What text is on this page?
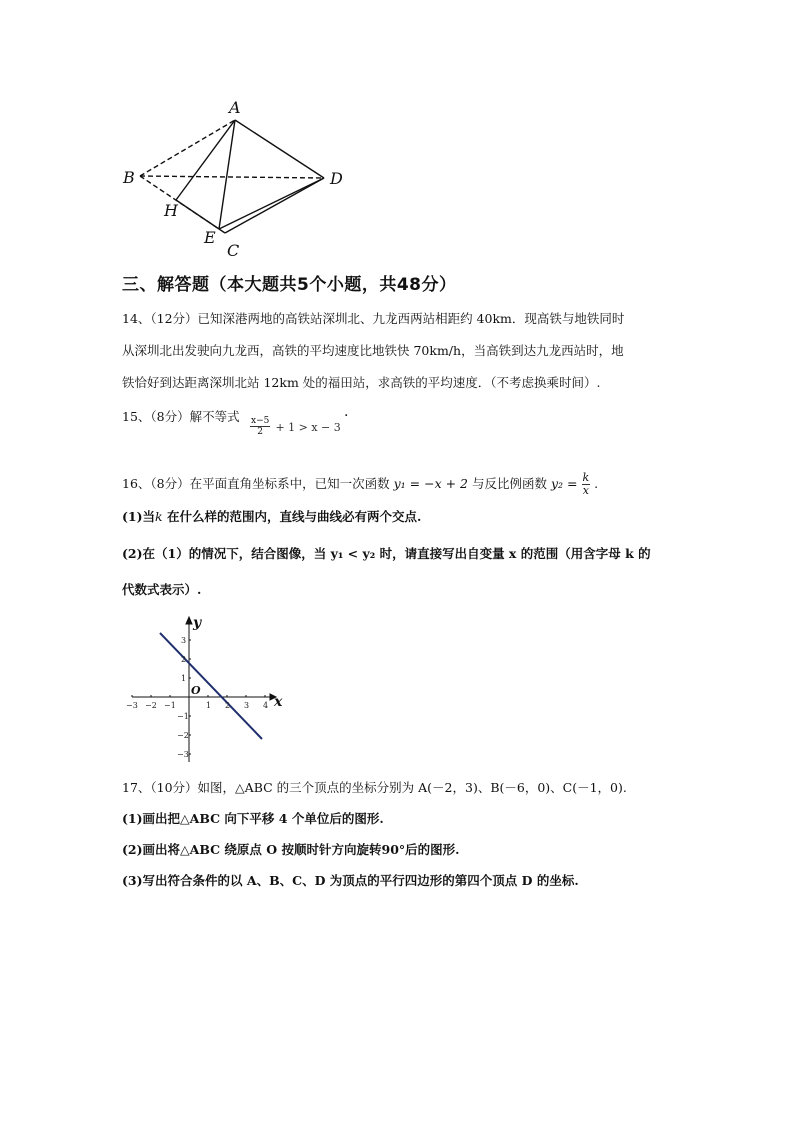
A
B	D
H
E
C
三、解答题（本大题共5个小题，共48分）
14、（12分）已知深港两地的高铁站深圳北、九龙西两站相距约 40km．现高铁与地铁同时
从深圳北出发驶向九龙西，高铁的平均速度比地铁快 70km/h，当高铁到达九龙西站时，地
铁恰好到达距离深圳北站 12km 处的福田站，求高铁的平均速度．（不考虑换乘时间）.
15、（8分）解不等式 $\frac{x-5}{2} + 1 > x - 3$
.
16、（8分）在平面直角坐标系中，已知一次函数 y₁ = −x + 2 与反比例函数 $y_2 = \frac{k}{x}$ .
(1)当k 在什么样的范围内，直线与曲线必有两个交点.
(2)在（1）的情况下，结合图像，当 y₁ < y₂ 时，请直接写出自变量 x 的范围（用含字母 k 的
代数式表示）.
−3 −2 −1	1 2 3 4
3
2
1
−1
−2
−3
x
y
O
17、（10分）如图，△ABC 的三个顶点的坐标分别为 A(－2，3)、B(－6，0)、C(－1，0).
(1)画出把△ABC 向下平移 4 个单位后的图形.
(2)画出将△ABC 绕原点 O 按顺时针方向旋转90°后的图形.
(3)写出符合条件的以 A、B、C、D 为顶点的平行四边形的第四个顶点 D 的坐标.
